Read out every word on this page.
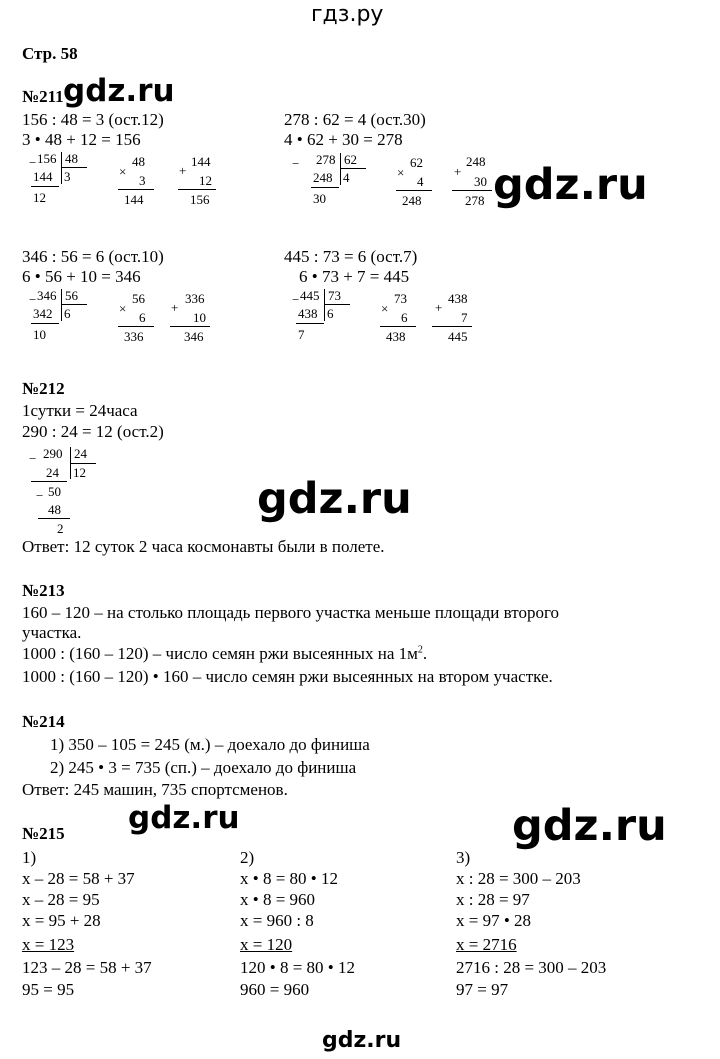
гдз.ру
Стр. 58
gdz.ru
gdz.ru
gdz.ru
gdz.ru	gdz.ru
gdz.ru
№211
156 : 48 = 3 (ост.12)
3 • 48 + 12 = 156
− 156 48
144 3
12
×
48
3
144
+
144
12
156
278 : 62 = 4 (ост.30)
4 • 62 + 30 = 278
− 278 62
248 4
30
×
62
4
248
+
248
30
278
346 : 56 = 6 (ост.10)
6 • 56 + 10 = 346
− 346 56
342 6
10
×
56
6
336
+
336
10
346
445 : 73 = 6 (ост.7)
6 • 73 + 7 = 445
− 445 73
438 6
7
×
73
6
438
+
438
7
445
№212
1сутки = 24часа
290 : 24 = 12 (ост.2)
− 290 24
24 12
− 50
48
2
Ответ: 12 суток 2 часа космонавты были в полете.
№213
160 – 120 – на столько площадь первого участка меньше площади второго
участка.
1000 : (160 – 120) – число семян ржи высеянных на $1м^2$.
1000 : (160 – 120) • 160 – число семян ржи высеянных на втором участке.
№214
1) 350 – 105 = 245 (м.) – доехало до финиша
2) 245 • 3 = 735 (сп.) – доехало до финиша
Ответ: 245 машин, 735 спортсменов.
№215
1)
x – 28 = 58 + 37
x – 28 = 95
x = 95 + 28
x = 123
123 – 28 = 58 + 37
95 = 95
2)
x • 8 = 80 • 12
x • 8 = 960
x = 960 : 8
x = 120
120 • 8 = 80 • 12
960 = 960
3)
x : 28 = 300 – 203
x : 28 = 97
x = 97 • 28
x = 2716
2716 : 28 = 300 – 203
97 = 97
